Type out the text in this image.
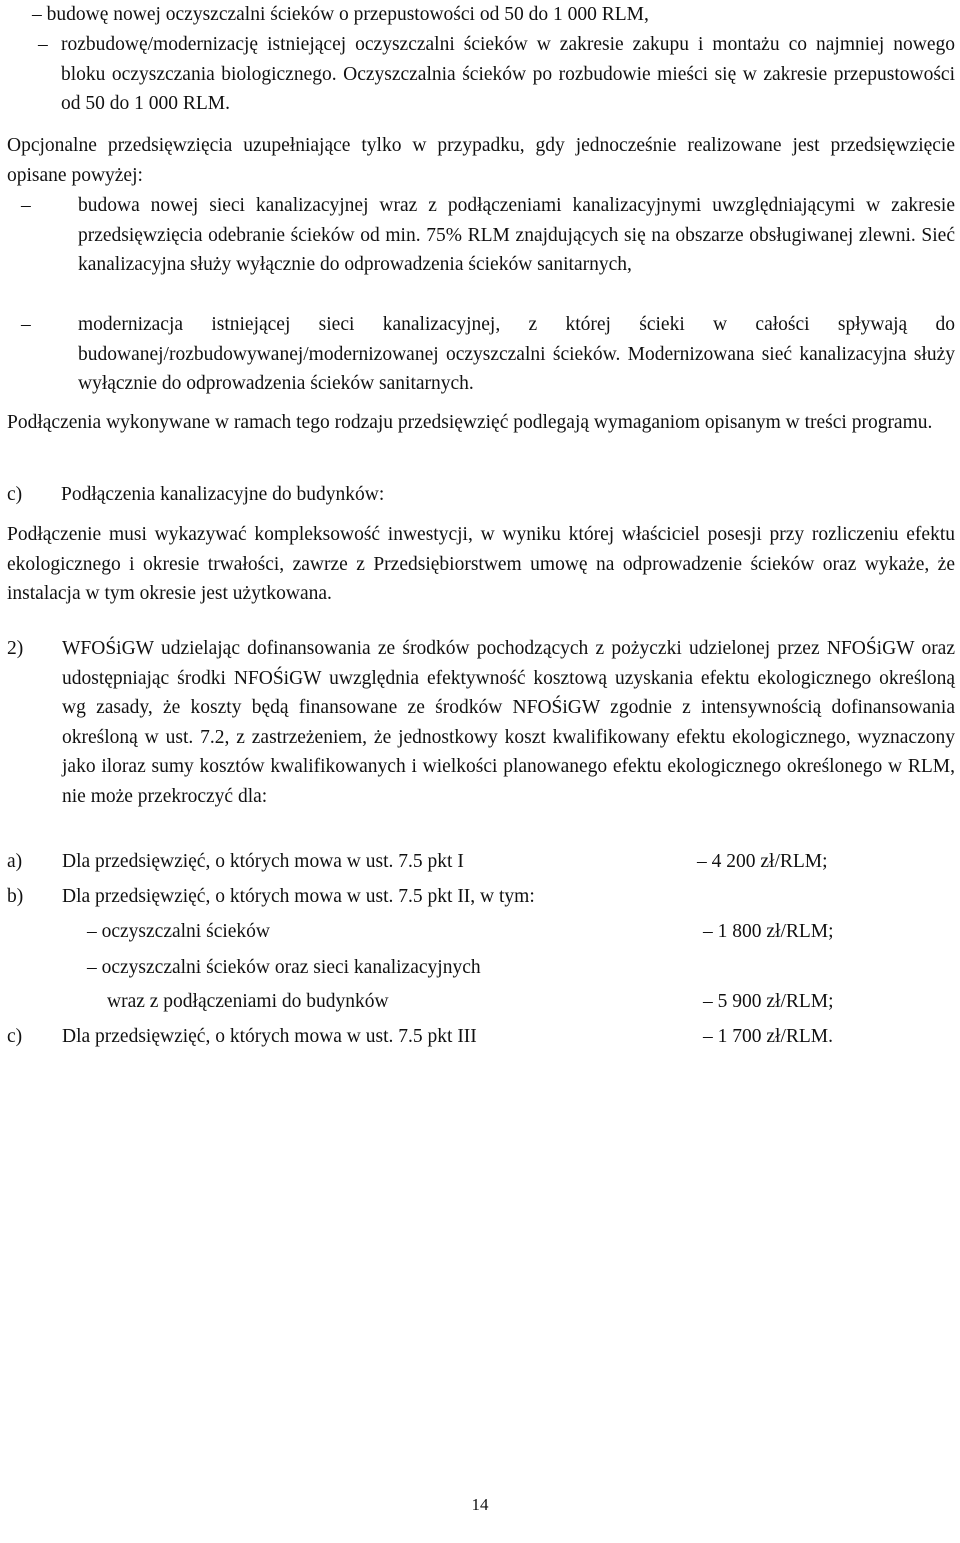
– budowę nowej oczyszczalni ścieków o przepustowości od 50 do 1 000 RLM,
– rozbudowę/modernizację istniejącej oczyszczalni ścieków w zakresie zakupu i montażu co najmniej nowego bloku oczyszczania biologicznego. Oczyszczalnia ścieków po rozbudowie mieści się w zakresie przepustowości od 50 do 1 000 RLM.
Opcjonalne przedsięwzięcia uzupełniające tylko w przypadku, gdy jednocześnie realizowane jest przedsięwzięcie opisane powyżej:
– budowa nowej sieci kanalizacyjnej wraz z podłączeniami kanalizacyjnymi uwzględniającymi w zakresie przedsięwzięcia odebranie ścieków od min. 75% RLM znajdujących się na obszarze obsługiwanej zlewni. Sieć kanalizacyjna służy wyłącznie do odprowadzenia ścieków sanitarnych,
– modernizacja istniejącej sieci kanalizacyjnej, z której ścieki w całości spływają do budowanej/rozbudowywanej/modernizowanej oczyszczalni ścieków. Modernizowana sieć kanalizacyjna służy wyłącznie do odprowadzenia ścieków sanitarnych.
Podłączenia wykonywane w ramach tego rodzaju przedsięwzięć podlegają wymaganiom opisanym w treści programu.
c) Podłączenia kanalizacyjne do budynków:
Podłączenie musi wykazywać kompleksowość inwestycji, w wyniku której właściciel posesji przy rozliczeniu efektu ekologicznego i okresie trwałości, zawrze z Przedsiębiorstwem umowę na odprowadzenie ścieków oraz wykaże, że instalacja w tym okresie jest użytkowana.
2) WFOŚiGW udzielając dofinansowania ze środków pochodzących z pożyczki udzielonej przez NFOŚiGW oraz udostępniając środki NFOŚiGW uwzględnia efektywność kosztową uzyskania efektu ekologicznego określoną wg zasady, że koszty będą finansowane ze środków NFOŚiGW zgodnie z intensywnością dofinansowania określoną w ust. 7.2, z zastrzeżeniem, że jednostkowy koszt kwalifikowany efektu ekologicznego, wyznaczony jako iloraz sumy kosztów kwalifikowanych i wielkości planowanego efektu ekologicznego określonego w RLM, nie może przekroczyć dla:
a) Dla przedsięwzięć, o których mowa w ust. 7.5 pkt I	– 4 200 zł/RLM;
b) Dla przedsięwzięć, o których mowa w ust. 7.5 pkt II, w tym:
– oczyszczalni ścieków	– 1 800 zł/RLM;
– oczyszczalni ścieków oraz sieci kanalizacyjnych
wraz z podłączeniami do budynków	– 5 900 zł/RLM;
c) Dla przedsięwzięć, o których mowa w ust. 7.5 pkt III	– 1 700 zł/RLM.
14
